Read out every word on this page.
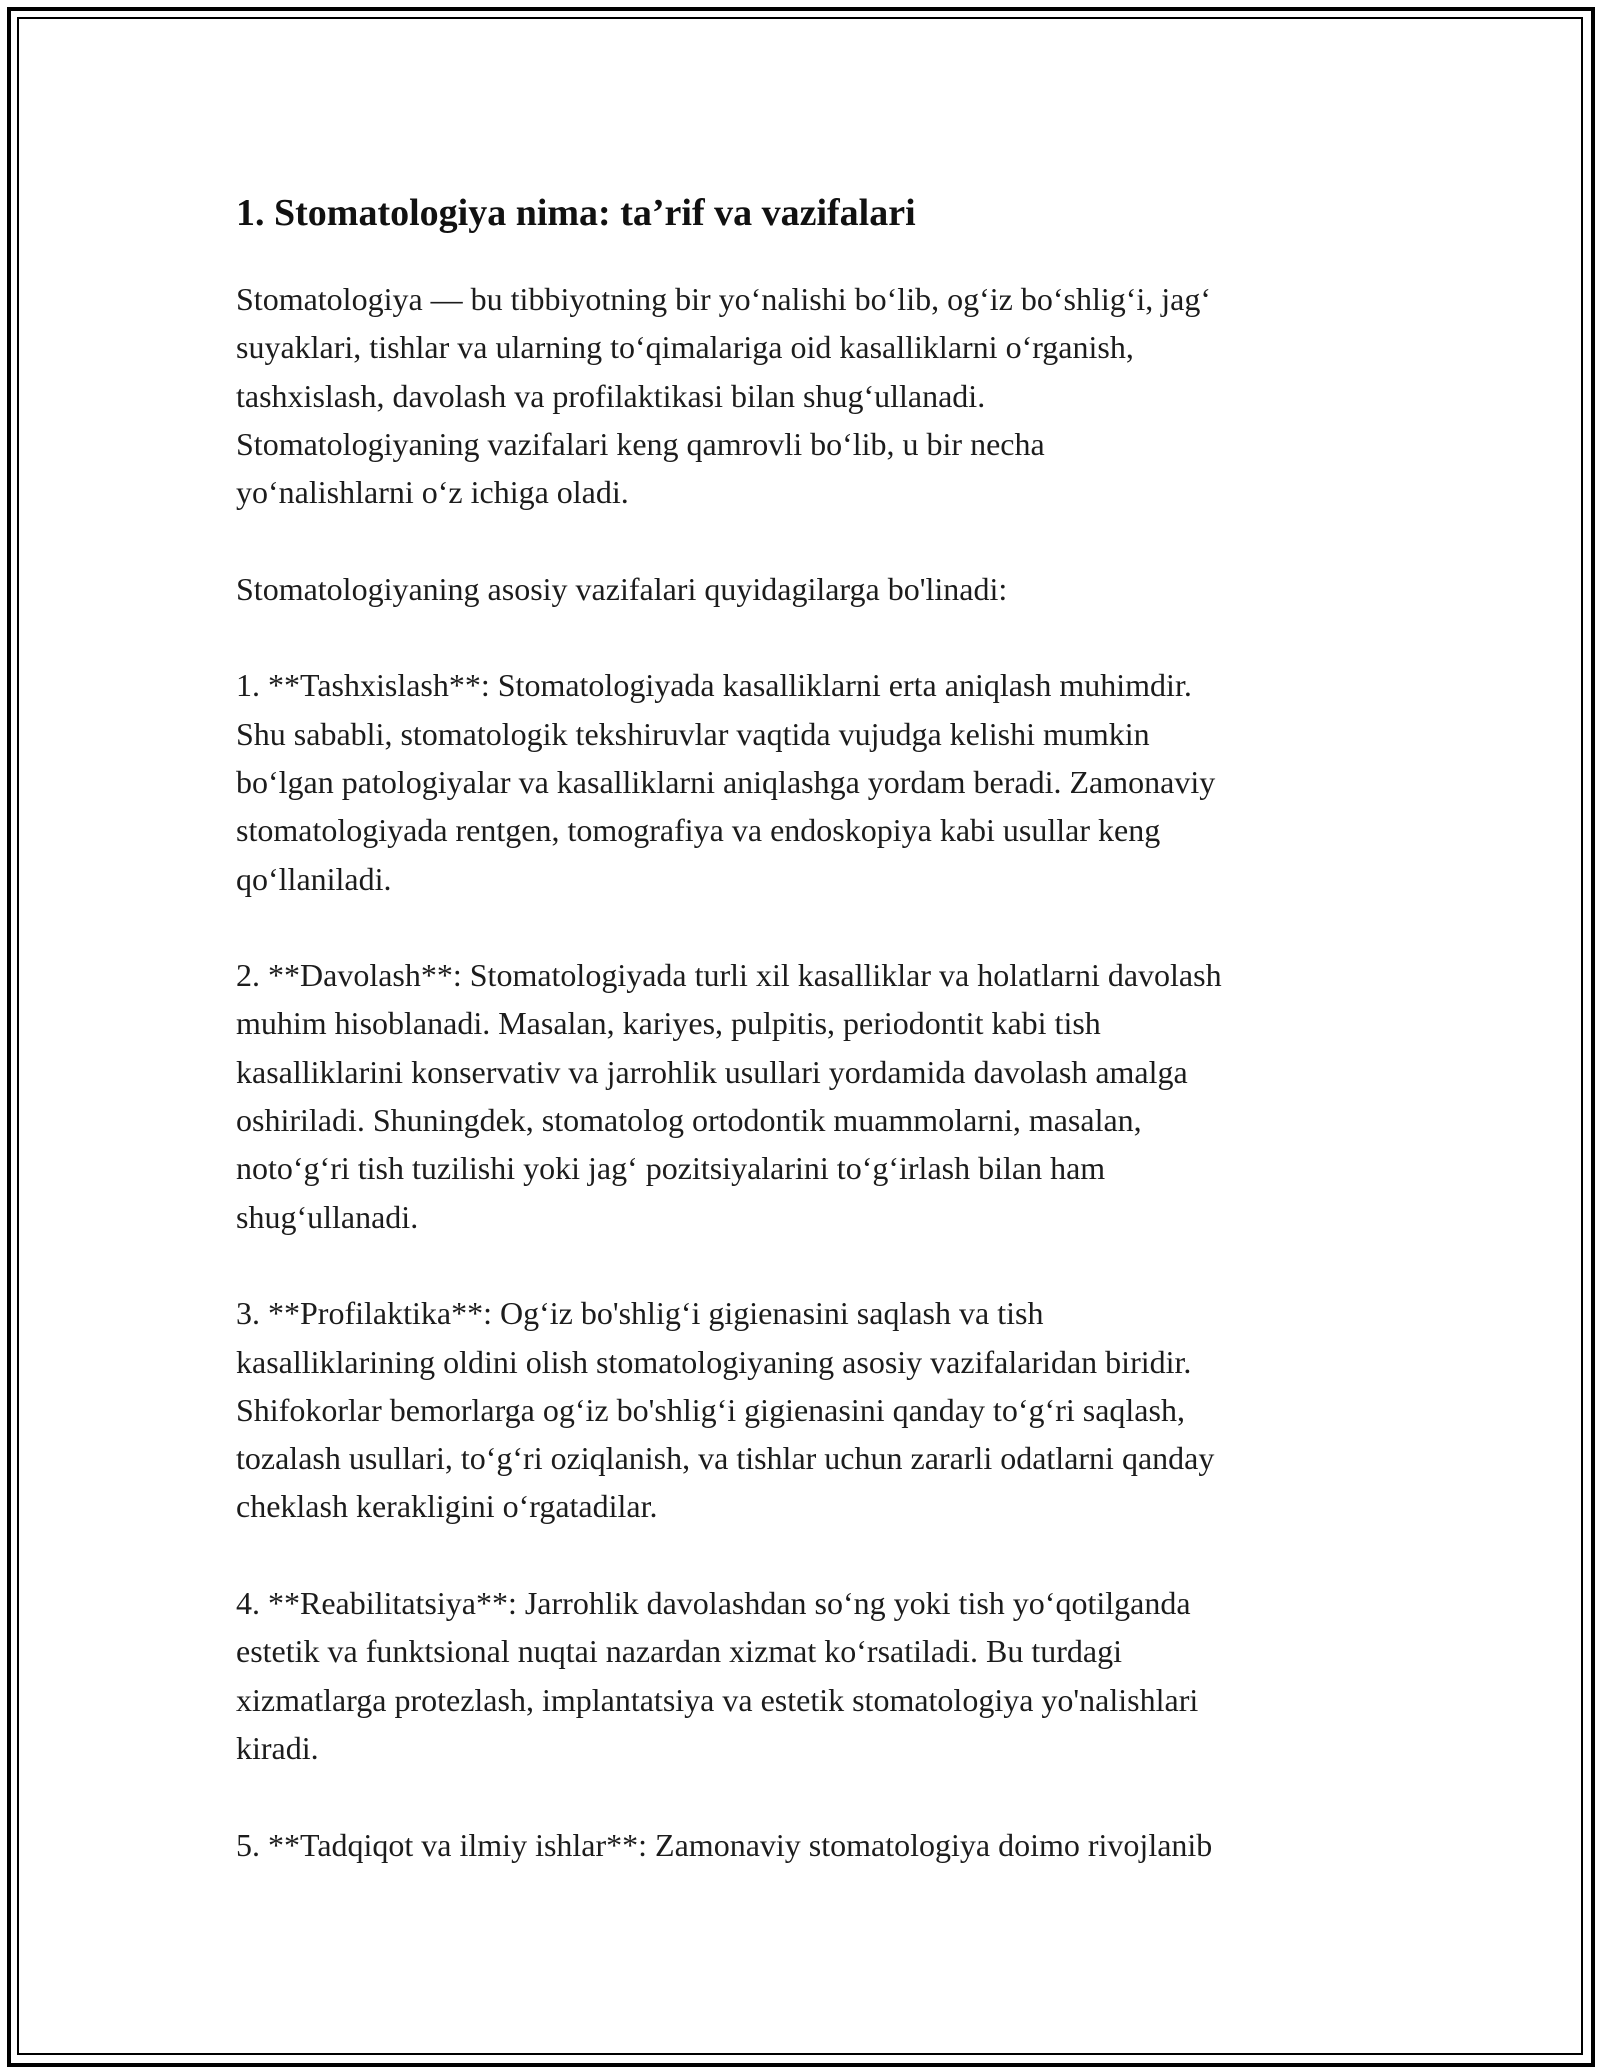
1. Stomatologiya nima: ta’rif va vazifalari

Stomatologiya — bu tibbiyotning bir yo‘nalishi bo‘lib, og‘iz bo‘shlig‘i, jag‘
suyaklari, tishlar va ularning to‘qimalariga oid kasalliklarni o‘rganish,
tashxislash, davolash va profilaktikasi bilan shug‘ullanadi.
Stomatologiyaning vazifalari keng qamrovli bo‘lib, u bir necha
yo‘nalishlarni o‘z ichiga oladi.

Stomatologiyaning asosiy vazifalari quyidagilarga bo'linadi:

1. **Tashxislash**: Stomatologiyada kasalliklarni erta aniqlash muhimdir.
Shu sababli, stomatologik tekshiruvlar vaqtida vujudga kelishi mumkin
bo‘lgan patologiyalar va kasalliklarni aniqlashga yordam beradi. Zamonaviy
stomatologiyada rentgen, tomografiya va endoskopiya kabi usullar keng
qo‘llaniladi.

2. **Davolash**: Stomatologiyada turli xil kasalliklar va holatlarni davolash
muhim hisoblanadi. Masalan, kariyes, pulpitis, periodontit kabi tish
kasalliklarini konservativ va jarrohlik usullari yordamida davolash amalga
oshiriladi. Shuningdek, stomatolog ortodontik muammolarni, masalan,
noto‘g‘ri tish tuzilishi yoki jag‘ pozitsiyalarini to‘g‘irlash bilan ham
shug‘ullanadi.

3. **Profilaktika**: Og‘iz bo'shlig‘i gigienasini saqlash va tish
kasalliklarining oldini olish stomatologiyaning asosiy vazifalaridan biridir.
Shifokorlar bemorlarga og‘iz bo'shlig‘i gigienasini qanday to‘g‘ri saqlash,
tozalash usullari, to‘g‘ri oziqlanish, va tishlar uchun zararli odatlarni qanday
cheklash kerakligini o‘rgatadilar.

4. **Reabilitatsiya**: Jarrohlik davolashdan so‘ng yoki tish yo‘qotilganda
estetik va funktsional nuqtai nazardan xizmat ko‘rsatiladi. Bu turdagi
xizmatlarga protezlash, implantatsiya va estetik stomatologiya yo'nalishlari
kiradi.

5. **Tadqiqot va ilmiy ishlar**: Zamonaviy stomatologiya doimo rivojlanib
